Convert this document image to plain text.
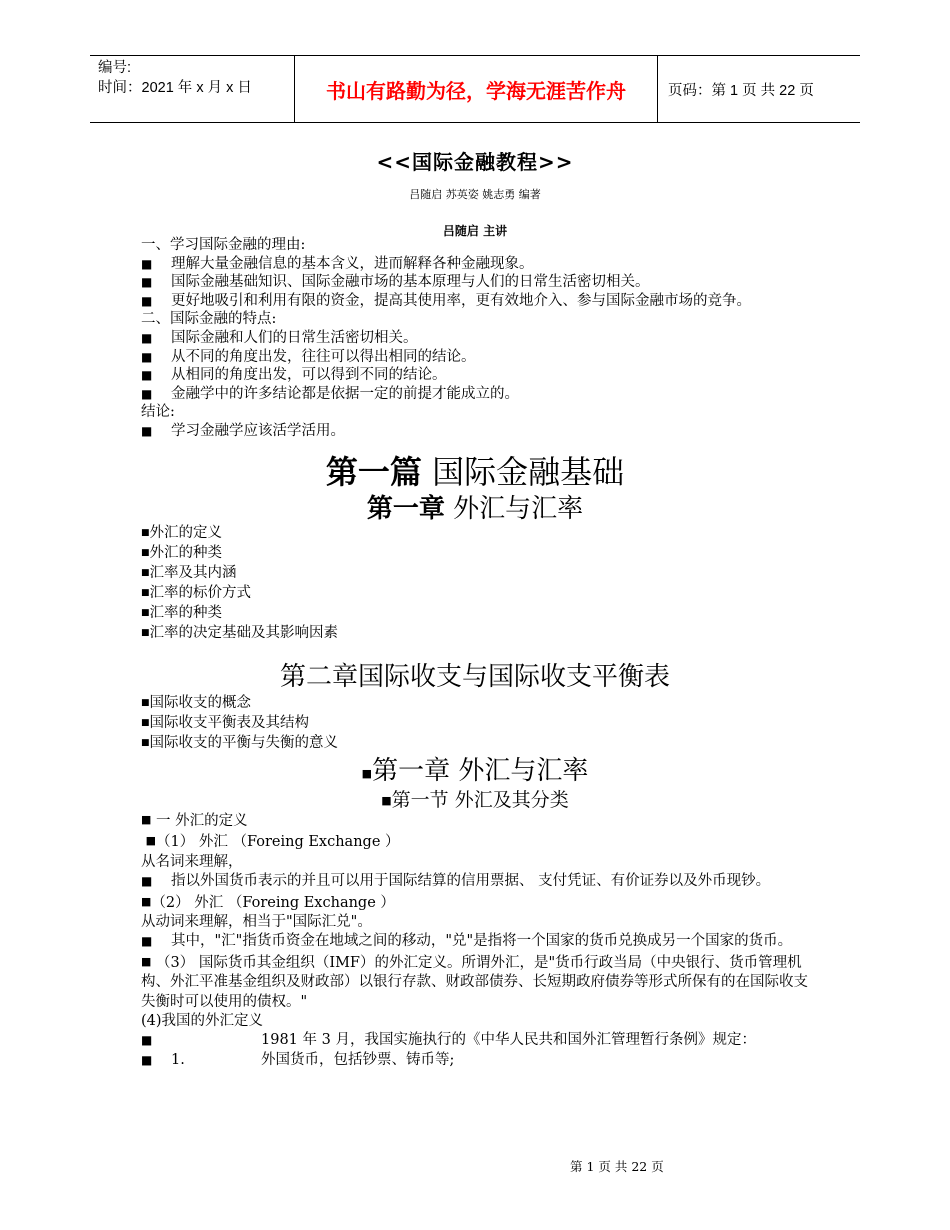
编号:
时间：2021 年 x 月 x 日	书山有路勤为径，学海无涯苦作舟	页码：第 1 页 共 22 页
<<国际金融教程>>
吕随启 苏英姿 姚志勇 编著
吕随启 主讲
一、学习国际金融的理由:
■	理解大量金融信息的基本含义，进而解释各种金融现象。
■	国际金融基础知识、国际金融市场的基本原理与人们的日常生活密切相关。
■	更好地吸引和利用有限的资金，提高其使用率，更有效地介入、参与国际金融市场的竞争。
二、国际金融的特点:
■	国际金融和人们的日常生活密切相关。
■	从不同的角度出发，往往可以得出相同的结论。
■	从相同的角度出发，可以得到不同的结论。
■	金融学中的许多结论都是依据一定的前提才能成立的。
结论:
■	学习金融学应该活学活用。
第一篇 国际金融基础
第一章 外汇与汇率
■外汇的定义
■外汇的种类
■汇率及其内涵
■汇率的标价方式
■汇率的种类
■汇率的决定基础及其影响因素
第二章国际收支与国际收支平衡表
■国际收支的概念
■国际收支平衡表及其结构
■国际收支的平衡与失衡的意义
■第一章 外汇与汇率
■第一节 外汇及其分类
■ 一 外汇的定义
■（1） 外汇 （Foreing Exchange ）
从名词来理解，
■	指以外国货币表示的并且可以用于国际结算的信用票据、 支付凭证、有价证券以及外币现钞。
■（2） 外汇 （Foreing Exchange ）
从动词来理解，相当于"国际汇兑"。
■	其中，"汇"指货币资金在地域之间的移动，"兑"是指将一个国家的货币兑换成另一个国家的货币。
■ （3） 国际货币其金组织（IMF）的外汇定义。所谓外汇，是"货币行政当局（中央银行、货币管理机构、外汇平准基金组织及财政部）以银行存款、财政部债券、长短期政府债券等形式所保有的在国际收支失衡时可以使用的债权。"
(4)我国的外汇定义
■	1981 年 3 月，我国实施执行的《中华人民共和国外汇管理暂行条例》规定：
■	1.	外国货币，包括钞票、铸币等;
第 1 页 共 22 页
